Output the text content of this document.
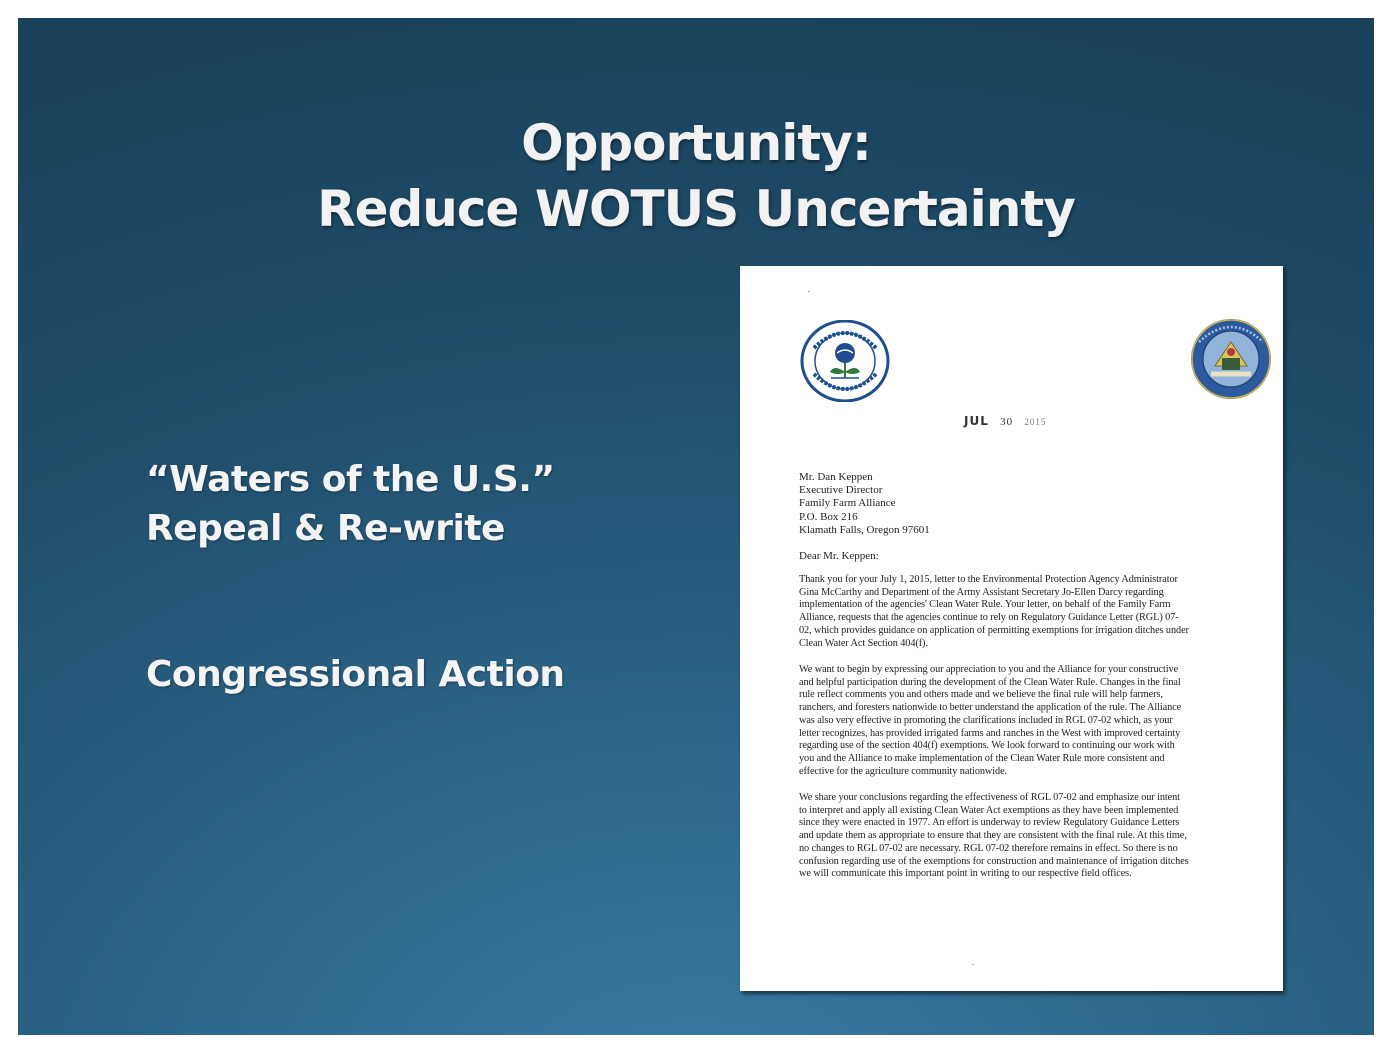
Opportunity:
Reduce WOTUS Uncertainty
“Waters of the U.S.”
Repeal & Re-write
Congressional Action
JUL 30 2015
Mr. Dan Keppen
Executive Director
Family Farm Alliance
P.O. Box 216
Klamath Falls, Oregon 97601
Dear Mr. Keppen:
Thank you for your July 1, 2015, letter to the Environmental Protection Agency Administrator
Gina McCarthy and Department of the Army Assistant Secretary Jo-Ellen Darcy regarding
implementation of the agencies' Clean Water Rule. Your letter, on behalf of the Family Farm
Alliance, requests that the agencies continue to rely on Regulatory Guidance Letter (RGL) 07-
02, which provides guidance on application of permitting exemptions for irrigation ditches under
Clean Water Act Section 404(f).
We want to begin by expressing our appreciation to you and the Alliance for your constructive
and helpful participation during the development of the Clean Water Rule. Changes in the final
rule reflect comments you and others made and we believe the final rule will help farmers,
ranchers, and foresters nationwide to better understand the application of the rule. The Alliance
was also very effective in promoting the clarifications included in RGL 07-02 which, as your
letter recognizes, has provided irrigated farms and ranches in the West with improved certainty
regarding use of the section 404(f) exemptions. We look forward to continuing our work with
you and the Alliance to make implementation of the Clean Water Rule more consistent and
effective for the agriculture community nationwide.
We share your conclusions regarding the effectiveness of RGL 07-02 and emphasize our intent
to interpret and apply all existing Clean Water Act exemptions as they have been implemented
since they were enacted in 1977. An effort is underway to review Regulatory Guidance Letters
and update them as appropriate to ensure that they are consistent with the final rule. At this time,
no changes to RGL 07-02 are necessary. RGL 07-02 therefore remains in effect. So there is no
confusion regarding use of the exemptions for construction and maintenance of irrigation ditches
we will communicate this important point in writing to our respective field offices.
